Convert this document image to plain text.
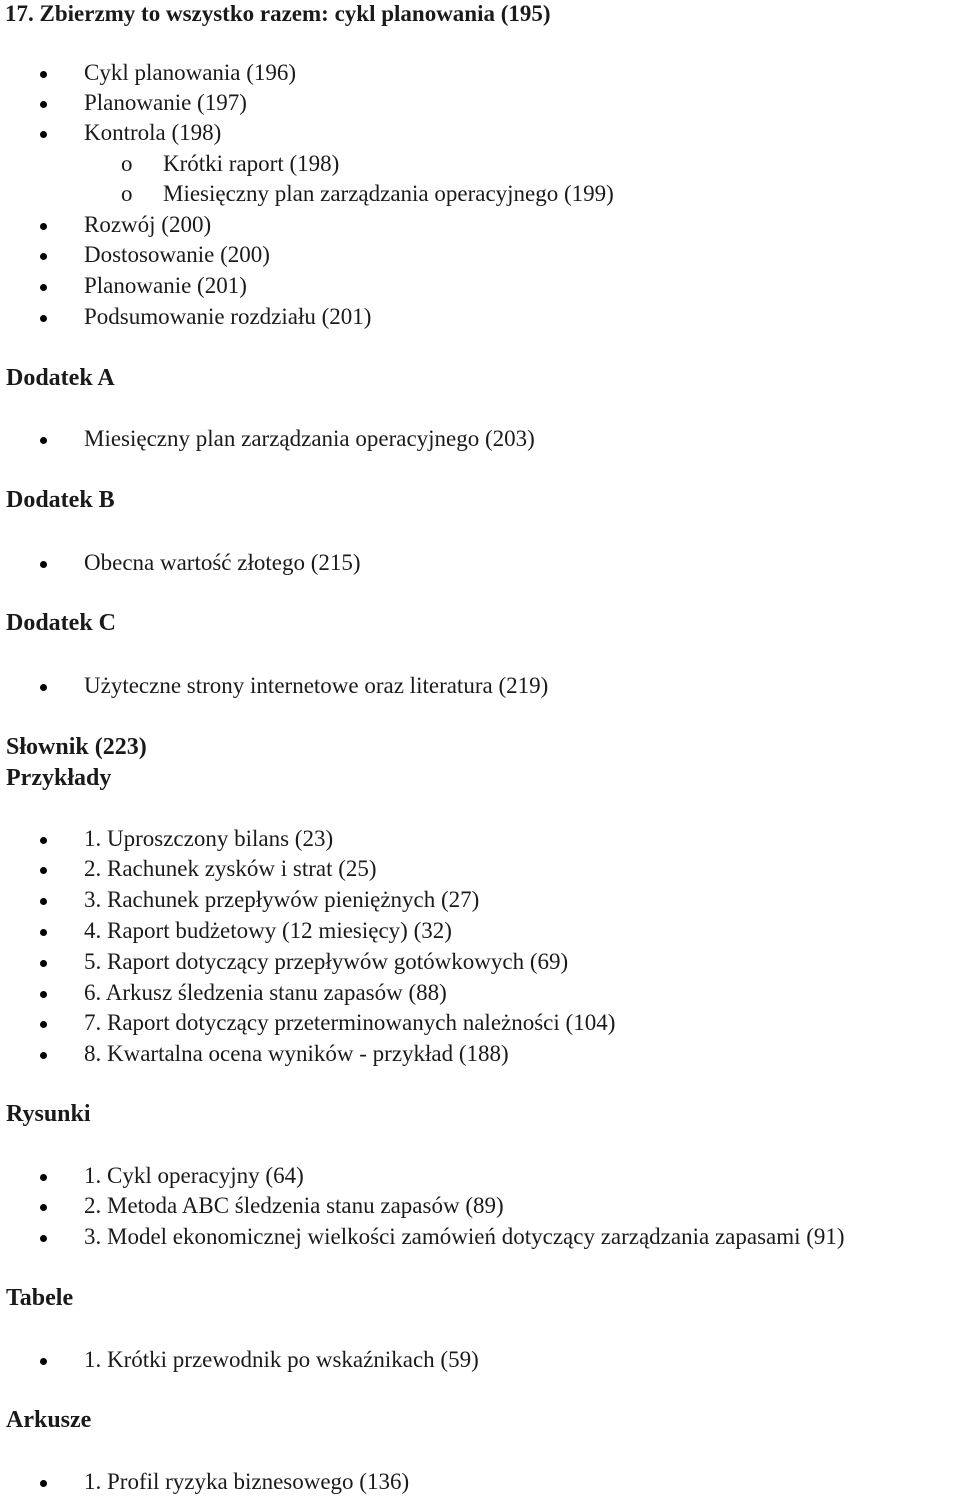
17. Zbierzmy to wszystko razem: cykl planowania (195)
Cykl planowania (196)
Planowanie (197)
Kontrola (198)
o Krótki raport (198)
o Miesięczny plan zarządzania operacyjnego (199)
Rozwój (200)
Dostosowanie (200)
Planowanie (201)
Podsumowanie rozdziału (201)
Dodatek A
Miesięczny plan zarządzania operacyjnego (203)
Dodatek B
Obecna wartość złotego (215)
Dodatek C
Użyteczne strony internetowe oraz literatura (219)
Słownik (223)
Przykłady
1. Uproszczony bilans (23)
2. Rachunek zysków i strat (25)
3. Rachunek przepływów pieniężnych (27)
4. Raport budżetowy (12 miesięcy) (32)
5. Raport dotyczący przepływów gotówkowych (69)
6. Arkusz śledzenia stanu zapasów (88)
7. Raport dotyczący przeterminowanych należności (104)
8. Kwartalna ocena wyników - przykład (188)
Rysunki
1. Cykl operacyjny (64)
2. Metoda ABC śledzenia stanu zapasów (89)
3. Model ekonomicznej wielkości zamówień dotyczący zarządzania zapasami (91)
Tabele
1. Krótki przewodnik po wskaźnikach (59)
Arkusze
1. Profil ryzyka biznesowego (136)
